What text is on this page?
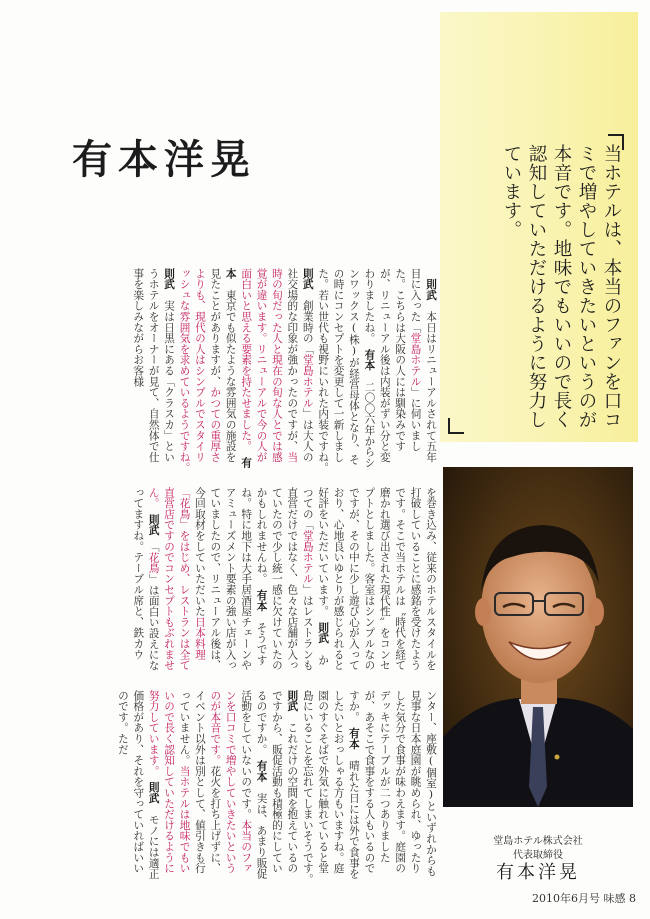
当ホテルは、本当のファンを口コミで増やしていきたいというのが本音です。地味でもいいので長く認知していただけるように努力しています。
有本洋晃
　則武　本日はリニューアルされて五年目に入った「堂島ホテル」に伺いました。こちらは大阪の人には馴染みですが、リニューアル後は内装がずい分と変わりましたね。　有本　二〇〇六年からシンワックス(株)が経営母体となり、その時にコンセプトを変更して一新しました。若い世代も視野にいれた内装ですね。　則武　創業時の「堂島ホテル」は大人の社交場的な印象が強かったのですが、当時の旬だった人と現在の旬な人とでは感覚が違います。リニューアルで今の人が面白いと思える要素を持たせました。　有本　東京でも似たような雰囲気の施設を見たことがありますが、かつての重厚さよりも、現代の人はシンプルでスタイリッシュな雰囲気を求めているようですね。　則武　実は日黒にある「クラスカ」というホテルをオーナーが見て、自然体で仕事を楽しみながらお客様
を巻き込み、従来のホテルスタイルを打破していることに感銘を受けたようです。そこで当ホテルは〝時代を経て磨かれ選び出された現代性〟をコンセプトとしました。客室はシンプルなのですが、その中に少し遊び心が入っており、心地良いゆとりが感じられると好評をいただいています。　則武　かつての「堂島ホテル」はレストランも直営だけではなく、色々な店舗が入っていたので少し統一感に欠けていたのかもしれませんね。　有本　そうですね。特に地下は大手居酒屋チェーンやアミューズメント要素の強い店が入っていましたので、リニューアル後は、今回取材をしていただいた日本料理「花鳥」をはじめ、レストランは全て直営店ですのでコンセプトもぶれません。　則武　「花鳥」は面白い設えになってますね。テーブル席と、鉄カウ
ンター、座敷(個室)といずれからも見事な日本庭園が眺められ、ゆったりした気分で食事が味わえます。庭園のデッキにテーブルが二つありましたが、あそこで食事をする人もいるのですか。　有本　晴れた日には外で食事をしたいとおっしゃる方もいますね。庭園のすぐそばで外気に触れていると堂島にいることを忘れてしまいそうです。　則武　これだけの空間を抱えているのですから、販促活動も積極的にしているのですか。　有本　実は、あまり販促活動をしていないのです。本当のファンを口コミで増やしていきたいというのが本音です。花火を打ち上げずに、イベント以外は別として、値引きも行っていません。当ホテルは地味でもいいので長く認知していただけるように努力しています。　則武　モノには適正価格があり、それを守っていればいいのです。ただ
堂島ホテル株式会社
代表取締役
有本洋晃
2010年6月号 味感 8
